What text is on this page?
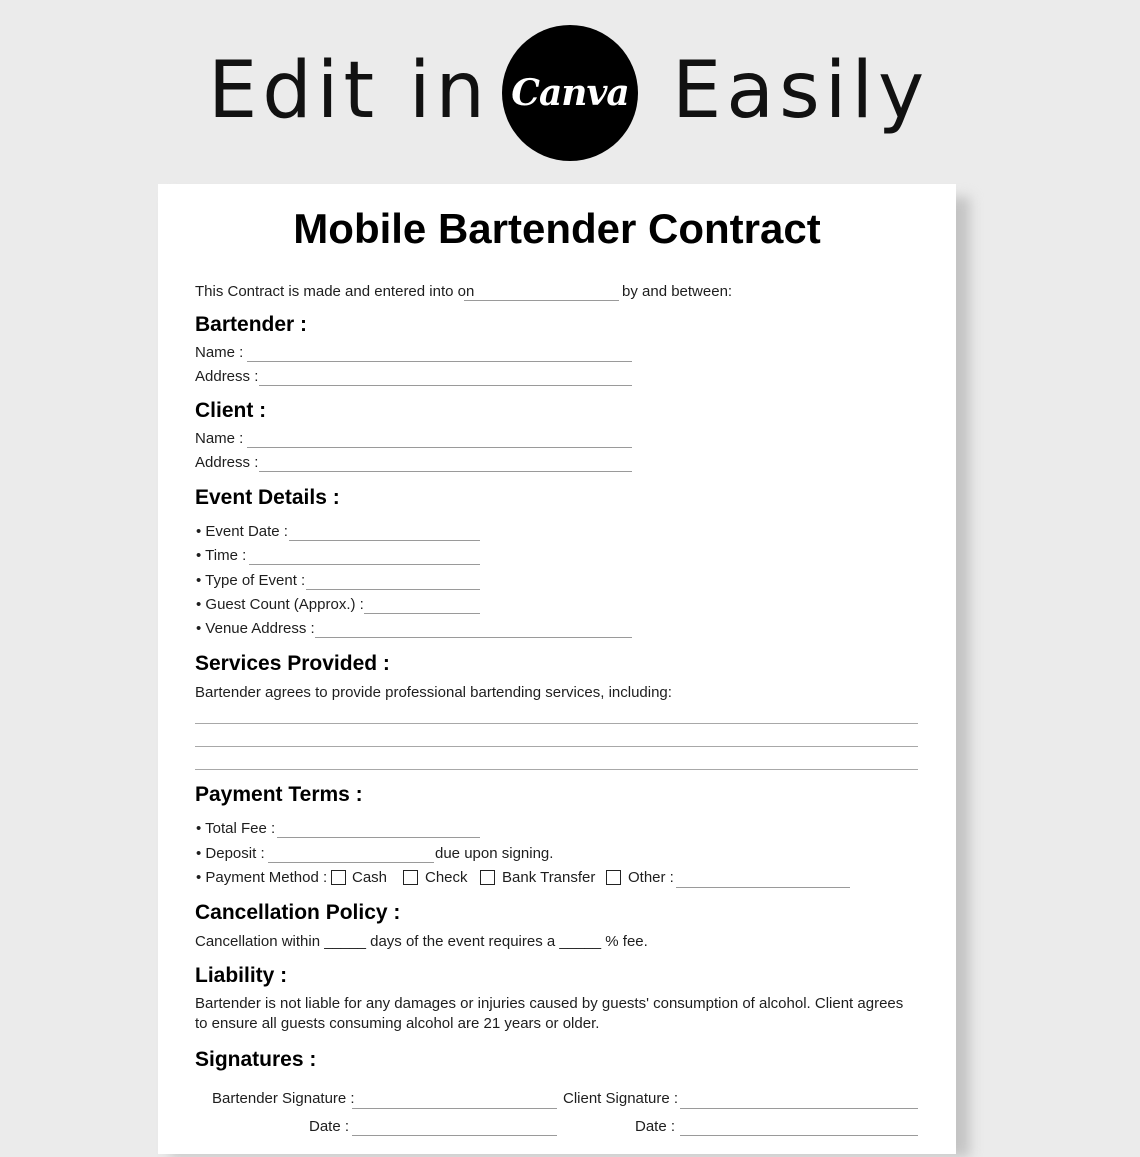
Edit in Canva Easily
Mobile Bartender Contract
This Contract is made and entered into on	by and between:
Bartender :
Name :
Address :
Client :
Name :
Address :
Event Details :
• Event Date :
• Time :
• Type of Event :
• Guest Count (Approx.) :
• Venue Address :
Services Provided :
Bartender agrees to provide professional bartending services, including:
Payment Terms :
• Total Fee :
• Deposit :	due upon signing.
• Payment Method : Cash	Check Bank Transfer Other :
Cancellation Policy :
Cancellation within _____ days of the event requires a _____ % fee.
Liability :

Bartender is not liable for any damages or injuries caused by guests' consumption of alcohol. Client agrees to ensure all guests consuming alcohol are 21 years or older.

Signatures :
Bartender Signature :	Client Signature :
Date :	Date :
